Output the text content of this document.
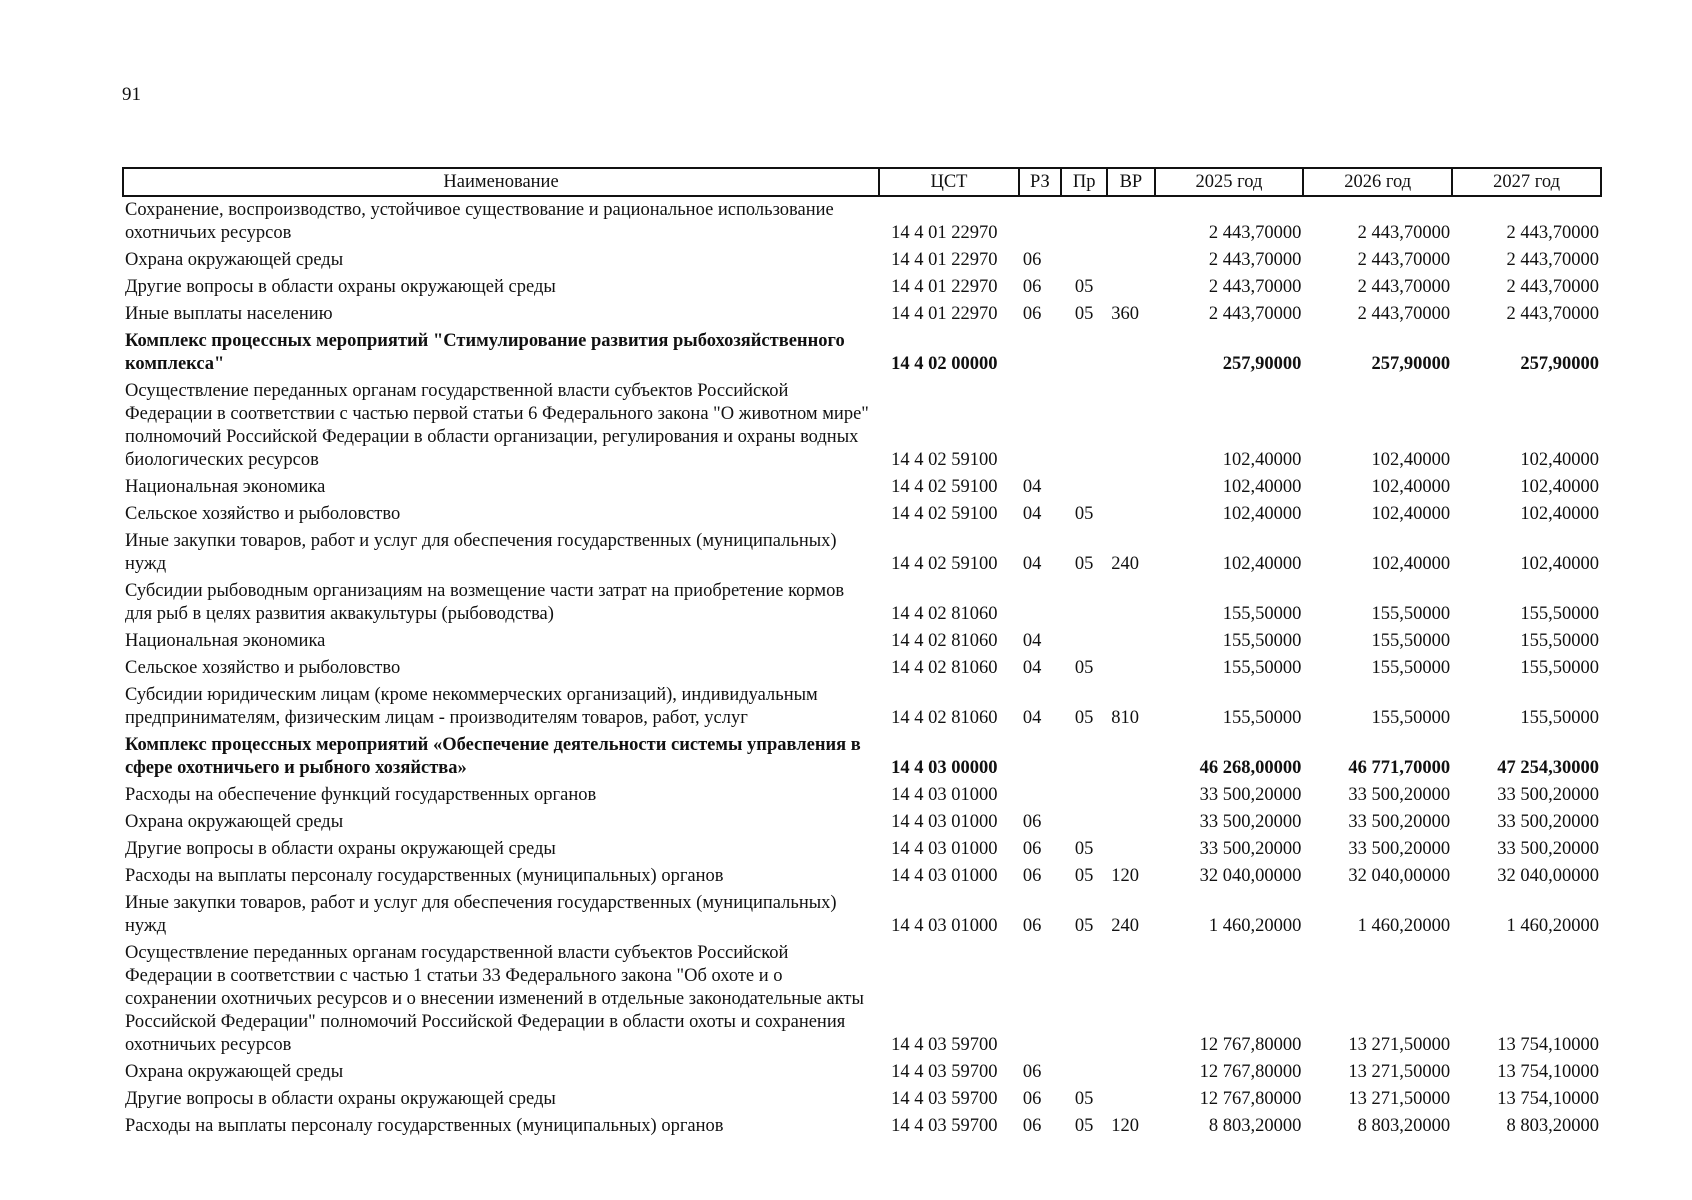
91
Наименование	ЦСТ	РЗ	Пр	ВР	2025 год	2026 год	2027 год
Сохранение, воспроизводство, устойчивое существование и рациональное использование охотничьих ресурсов	14 4 01 22970				2 443,70000	2 443,70000	2 443,70000
Охрана окружающей среды	14 4 01 22970	06			2 443,70000	2 443,70000	2 443,70000
Другие вопросы в области охраны окружающей среды	14 4 01 22970	06	05		2 443,70000	2 443,70000	2 443,70000
Иные выплаты населению	14 4 01 22970	06	05	360	2 443,70000	2 443,70000	2 443,70000
Комплекс процессных мероприятий "Стимулирование развития рыбохозяйственного комплекса"	14 4 02 00000				257,90000	257,90000	257,90000
Осуществление переданных органам государственной власти субъектов Российской Федерации в соответствии с частью первой статьи 6 Федерального закона "О животном мире" полномочий Российской Федерации в области организации, регулирования и охраны водных биологических ресурсов	14 4 02 59100				102,40000	102,40000	102,40000
Национальная экономика	14 4 02 59100	04			102,40000	102,40000	102,40000
Сельское хозяйство и рыболовство	14 4 02 59100	04	05		102,40000	102,40000	102,40000
Иные закупки товаров, работ и услуг для обеспечения государственных (муниципальных) нужд	14 4 02 59100	04	05	240	102,40000	102,40000	102,40000
Субсидии рыбоводным организациям на возмещение части затрат на приобретение кормов для рыб в целях развития аквакультуры (рыбоводства)	14 4 02 81060				155,50000	155,50000	155,50000
Национальная экономика	14 4 02 81060	04			155,50000	155,50000	155,50000
Сельское хозяйство и рыболовство	14 4 02 81060	04	05		155,50000	155,50000	155,50000
Субсидии юридическим лицам (кроме некоммерческих организаций), индивидуальным предпринимателям, физическим лицам - производителям товаров, работ, услуг	14 4 02 81060	04	05	810	155,50000	155,50000	155,50000
Комплекс процессных мероприятий «Обеспечение деятельности системы управления в сфере охотничьего и рыбного хозяйства»	14 4 03 00000				46 268,00000	46 771,70000	47 254,30000
Расходы на обеспечение функций государственных органов	14 4 03 01000				33 500,20000	33 500,20000	33 500,20000
Охрана окружающей среды	14 4 03 01000	06			33 500,20000	33 500,20000	33 500,20000
Другие вопросы в области охраны окружающей среды	14 4 03 01000	06	05		33 500,20000	33 500,20000	33 500,20000
Расходы на выплаты персоналу государственных (муниципальных) органов	14 4 03 01000	06	05	120	32 040,00000	32 040,00000	32 040,00000
Иные закупки товаров, работ и услуг для обеспечения государственных (муниципальных) нужд	14 4 03 01000	06	05	240	1 460,20000	1 460,20000	1 460,20000
Осуществление переданных органам государственной власти субъектов Российской Федерации в соответствии с частью 1 статьи 33 Федерального закона "Об охоте и о сохранении охотничьих ресурсов и о внесении изменений в отдельные законодательные акты Российской Федерации" полномочий Российской Федерации в области охоты и сохранения охотничьих ресурсов	14 4 03 59700				12 767,80000	13 271,50000	13 754,10000
Охрана окружающей среды	14 4 03 59700	06			12 767,80000	13 271,50000	13 754,10000
Другие вопросы в области охраны окружающей среды	14 4 03 59700	06	05		12 767,80000	13 271,50000	13 754,10000
Расходы на выплаты персоналу государственных (муниципальных) органов	14 4 03 59700	06	05	120	8 803,20000	8 803,20000	8 803,20000
